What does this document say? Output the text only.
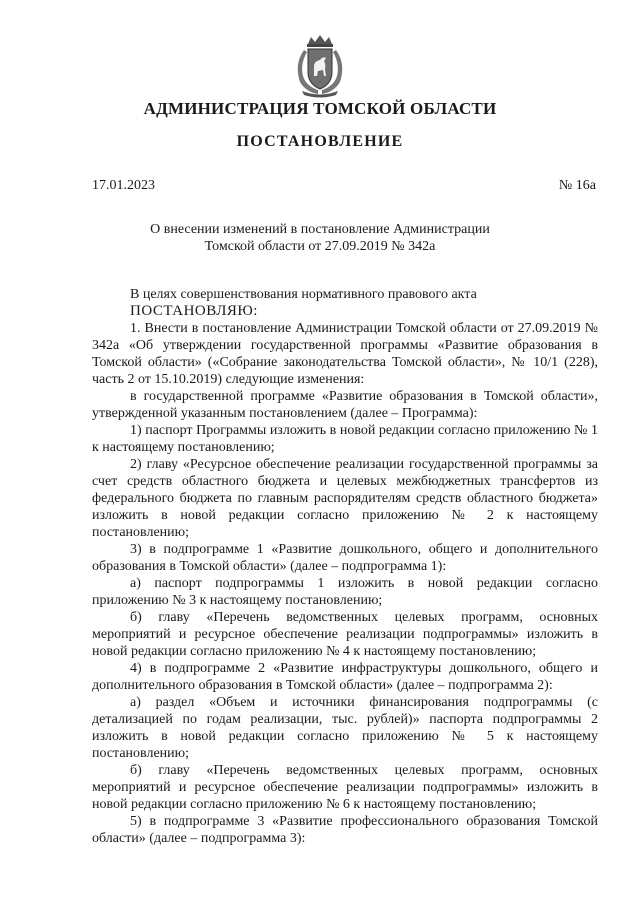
АДМИНИСТРАЦИЯ ТОМСКОЙ ОБЛАСТИ
ПОСТАНОВЛЕНИЕ
17.01.2023	№ 16а
О внесении изменений в постановление Администрации
Томской области от 27.09.2019 № 342а

В целях совершенствования нормативного правового акта

ПОСТАНОВЛЯЮ:

1. Внести в постановление Администрации Томской области от 27.09.2019 № 342а «Об утверждении государственной программы «Развитие образования в Томской области» («Собрание законодательства Томской области», № 10/1 (228), часть 2 от 15.10.2019) следующие изменения:

в государственной программе «Развитие образования в Томской области», утвержденной указанным постановлением (далее – Программа):

1) паспорт Программы изложить в новой редакции согласно приложению № 1 к настоящему постановлению;

2) главу «Ресурсное обеспечение реализации государственной программы за счет средств областного бюджета и целевых межбюджетных трансфертов из федерального бюджета по главным распорядителям средств областного бюджета» изложить в новой редакции согласно приложению № 2 к настоящему постановлению;

3) в подпрограмме 1 «Развитие дошкольного, общего и дополнительного образования в Томской области» (далее – подпрограмма 1):

а) паспорт подпрограммы 1 изложить в новой редакции согласно приложению № 3 к настоящему постановлению;

б) главу «Перечень ведомственных целевых программ, основных мероприятий и ресурсное обеспечение реализации подпрограммы» изложить в новой редакции согласно приложению № 4 к настоящему постановлению;

4) в подпрограмме 2 «Развитие инфраструктуры дошкольного, общего и дополнительного образования в Томской области» (далее – подпрограмма 2):

а) раздел «Объем и источники финансирования подпрограммы (с детализацией по годам реализации, тыс. рублей)» паспорта подпрограммы 2 изложить в новой редакции согласно приложению № 5 к настоящему постановлению;

б) главу «Перечень ведомственных целевых программ, основных мероприятий и ресурсное обеспечение реализации подпрограммы» изложить в новой редакции согласно приложению № 6 к настоящему постановлению;

5) в подпрограмме 3 «Развитие профессионального образования Томской области» (далее – подпрограмма 3):
